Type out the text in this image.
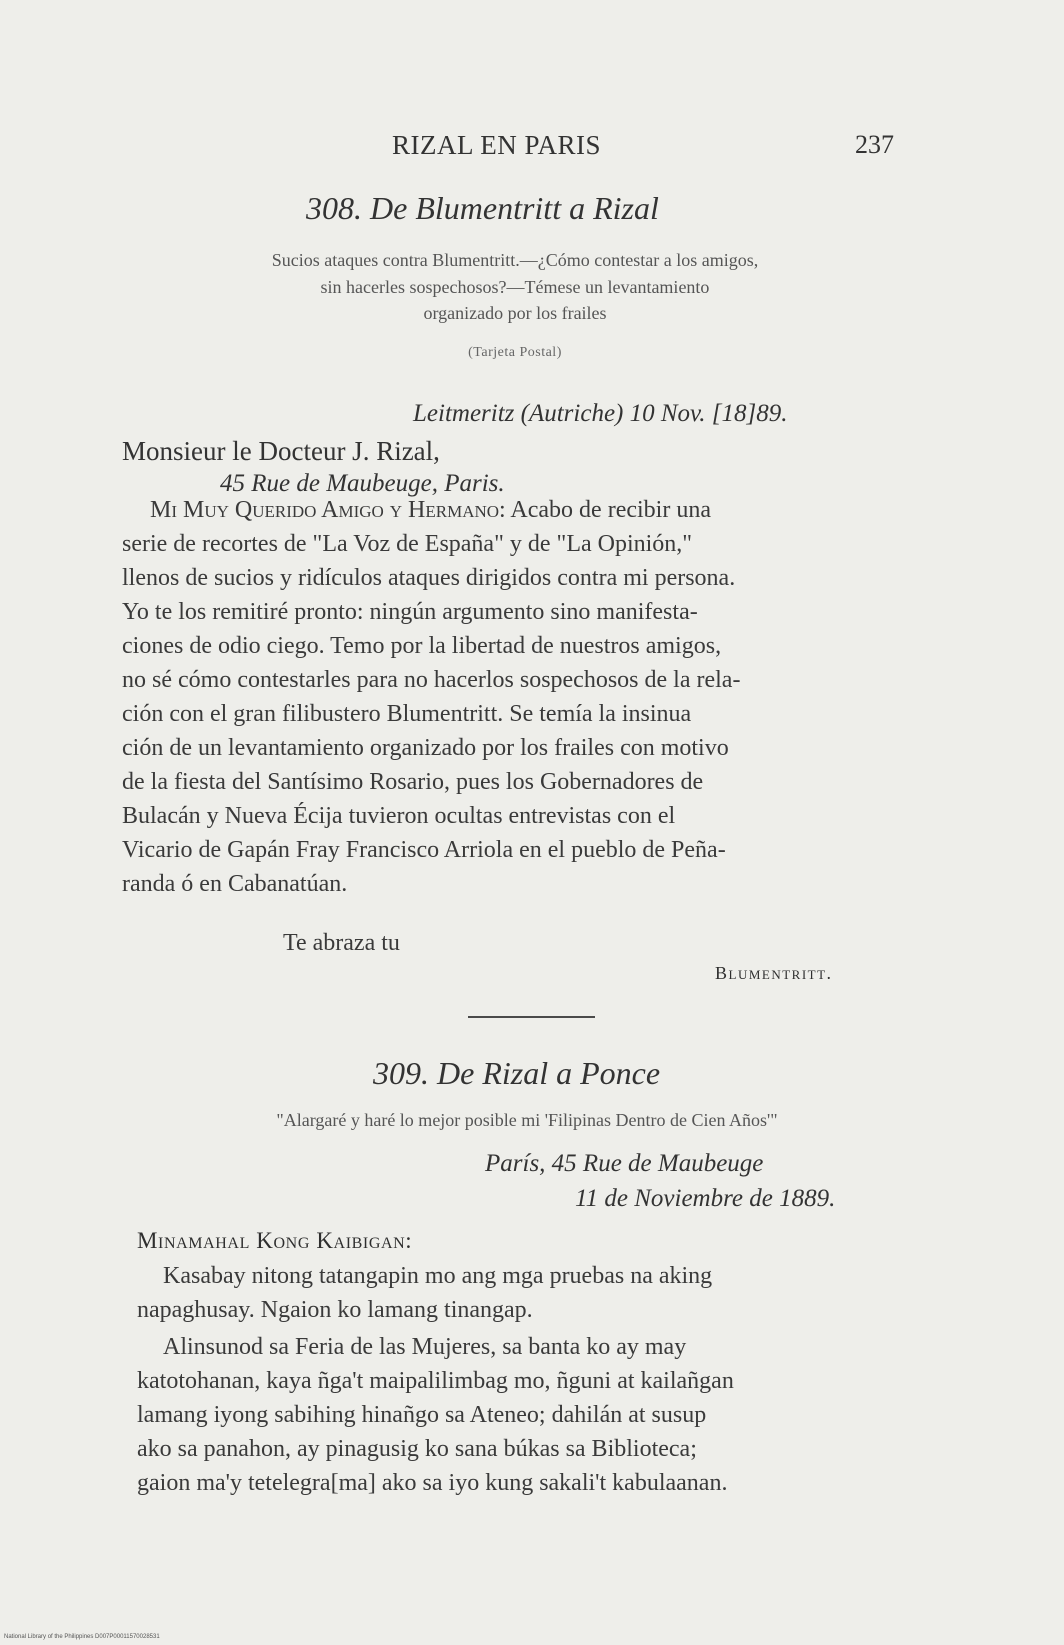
RIZAL EN PARIS	237
308. De Blumentritt a Rizal
Sucios ataques contra Blumentritt.—¿Cómo contestar a los amigos,
sin hacerles sospechosos?—Témese un levantamiento
organizado por los frailes
(Tarjeta Postal)
Leitmeritz (Autriche) 10 Nov. [18]89.
Monsieur le Docteur J. Rizal,
45 Rue de Maubeuge, Paris.
Mi Muy Querido Amigo y Hermano: Acabo de recibir una
serie de recortes de "La Voz de España" y de "La Opinión,"
llenos de sucios y ridículos ataques dirigidos contra mi persona.
Yo te los remitiré pronto: ningún argumento sino manifesta-
ciones de odio ciego. Temo por la libertad de nuestros amigos,
no sé cómo contestarles para no hacerlos sospechosos de la rela-
ción con el gran filibustero Blumentritt. Se temía la insinua
ción de un levantamiento organizado por los frailes con motivo
de la fiesta del Santísimo Rosario, pues los Gobernadores de
Bulacán y Nueva Écija tuvieron ocultas entrevistas con el
Vicario de Gapán Fray Francisco Arriola en el pueblo de Peña-
randa ó en Cabanatúan.
Te abraza tu
Blumentritt.
309. De Rizal a Ponce
"Alargaré y haré lo mejor posible mi 'Filipinas Dentro de Cien Años'"
París, 45 Rue de Maubeuge
11 de Noviembre de 1889.
Minamahal Kong Kaibigan:
Kasabay nitong tatangapin mo ang mga pruebas na aking
napaghusay. Ngaion ko lamang tinangap.
Alinsunod sa Feria de las Mujeres, sa banta ko ay may
katotohanan, kaya ñga't maipalilimbag mo, ñguni at kailañgan
lamang iyong sabihing hinañgo sa Ateneo; dahilán at susup
ako sa panahon, ay pinagusig ko sana búkas sa Biblioteca;
gaion ma'y tetelegra[ma] ako sa iyo kung sakali't kabulaanan.
National Library of the Philippines D007P00011570028531
